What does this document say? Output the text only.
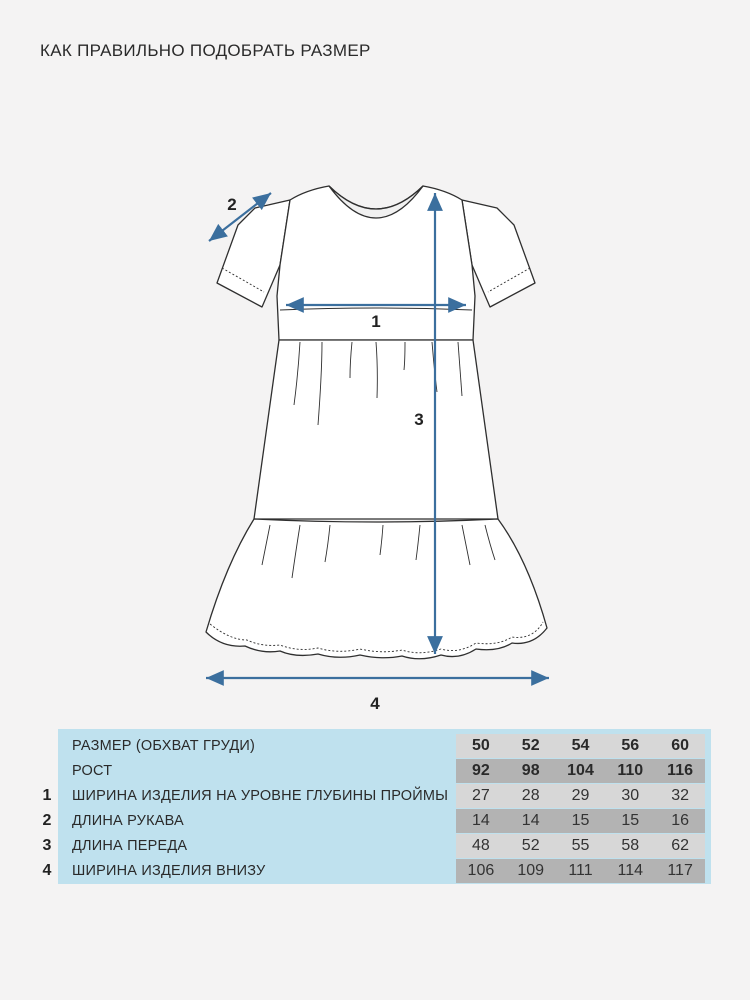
КАК ПРАВИЛЬНО ПОДОБРАТЬ РАЗМЕР
1
2
3
4
1
2
3
4
РАЗМЕР (ОБХВАТ ГРУДИ)	50	52	54	56	60
РОСТ	92	98	104	110	116
ШИРИНА ИЗДЕЛИЯ НА УРОВНЕ ГЛУБИНЫ ПРОЙМЫ	27	28	29	30	32
ДЛИНА РУКАВА	14	14	15	15	16
ДЛИНА ПЕРЕДА	48	52	55	58	62
ШИРИНА ИЗДЕЛИЯ ВНИЗУ	106	109	111	114	117
